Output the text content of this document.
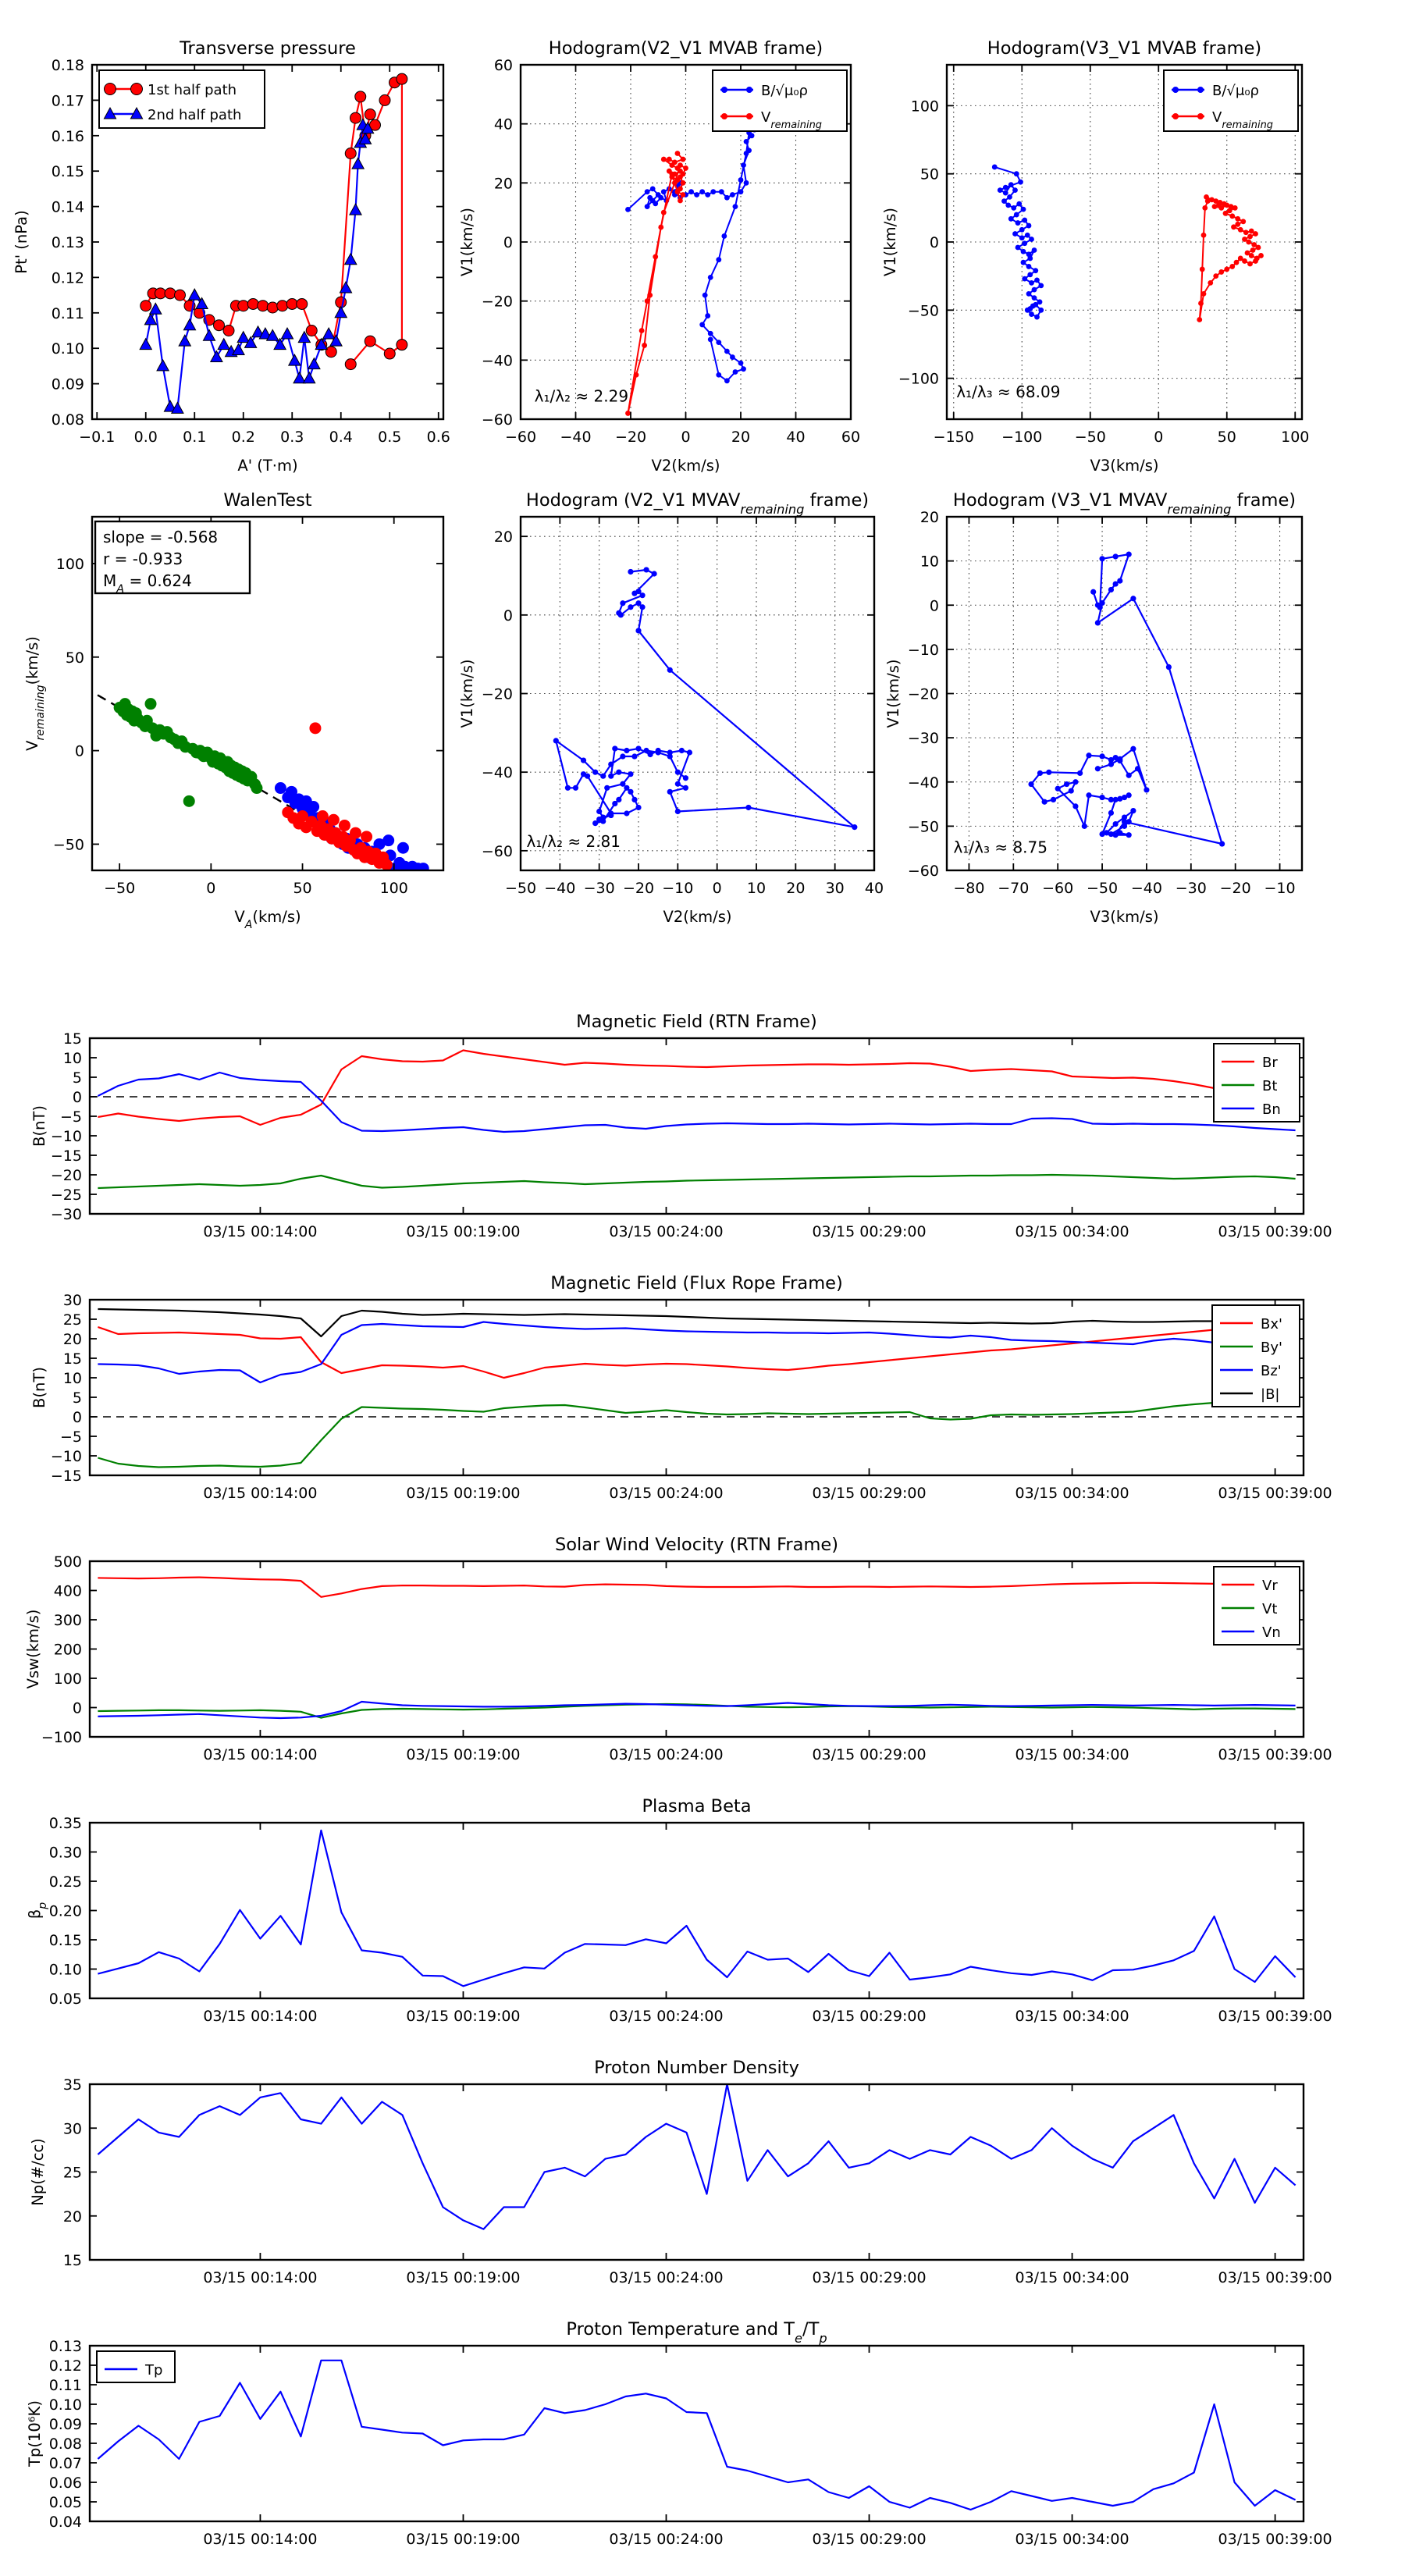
−0.1 0.0 0.1 0.2 0.3 0.4 0.5 0.6
0.08
0.09
0.10
0.11
0.12
0.13
0.14
0.15
0.16
0.17
0.18
Transverse pressure
A' (T·m)
Pt' (nPa)
1st half path
2nd half path
−60 −40 −20 0	20 40 60
−60
−40
−20
0
20
40
60
Hodogram(V2_V1 MVAB frame)
V2(km/s)
V1(km/s)
B/√μ₀ρ
$V_{remaining}$
λ₁/λ₂ ≈ 2.29
−150 −100 −50	0	50	100
−100
−50
0
50
100
Hodogram(V3_V1 MVAB frame)
V3(km/s)
V1(km/s)
B/√μ₀ρ
$V_{remaining}$
λ₁/λ₃ ≈ 68.09
−50	0	50	100
−50
0
50
100
WalenTest
$V_A(km/s)$
$V_{remaining}(km/s)$
slope = -0.568
r = -0.933
$M_A = 0.624$
−50 −40 −30 −20 −10 0 10 20 30 40
−60
−40
−20
0
20
Hodogram (V2_V1 $MVAV_{remaining}$ frame)
V2(km/s)
V1(km/s)
λ₁/λ₂ ≈ 2.81
−80 −70 −60 −50 −40 −30 −20 −10
−60
−50
−40
−30
−20
−10
0
10
20
Hodogram (V3_V1 $MVAV_{remaining}$ frame)
V3(km/s)
V1(km/s)
λ₁/λ₃ ≈ 8.75
03/15 00:14:00	03/15 00:19:00	03/15 00:24:00	03/15 00:29:00	03/15 00:34:00	03/15 00:39:00
−30
−25
−20
−15
−10
−5
0
5
10
15
Magnetic Field (RTN Frame)
B(nT)
Br
Bt
Bn
03/15 00:14:00	03/15 00:19:00	03/15 00:24:00	03/15 00:29:00	03/15 00:34:00	03/15 00:39:00
−15
−10
−5
0
5
10
15
20
25
30
Magnetic Field (Flux Rope Frame)
B(nT)
Bx'
By'
Bz'
|B|
03/15 00:14:00	03/15 00:19:00	03/15 00:24:00	03/15 00:29:00	03/15 00:34:00	03/15 00:39:00
−100
0
100
200
300
400
500
Solar Wind Velocity (RTN Frame)
Vsw(km/s)
Vr
Vt
Vn
03/15 00:14:00	03/15 00:19:00	03/15 00:24:00	03/15 00:29:00	03/15 00:34:00	03/15 00:39:00
0.05
0.10
0.15
0.20
0.25
0.30
0.35
Plasma Beta
$\beta_p$
03/15 00:14:00	03/15 00:19:00	03/15 00:24:00	03/15 00:29:00	03/15 00:34:00	03/15 00:39:00
15
20
25
30
35
Proton Number Density
Np(#/cc)
03/15 00:14:00	03/15 00:19:00	03/15 00:24:00	03/15 00:29:00	03/15 00:34:00	03/15 00:39:00
0.04
0.05
0.06
0.07
0.08
0.09
0.10
0.11
0.12
0.13
Proton Temperature and $T_e/T_p$
Tp(10⁶K)
Tp
